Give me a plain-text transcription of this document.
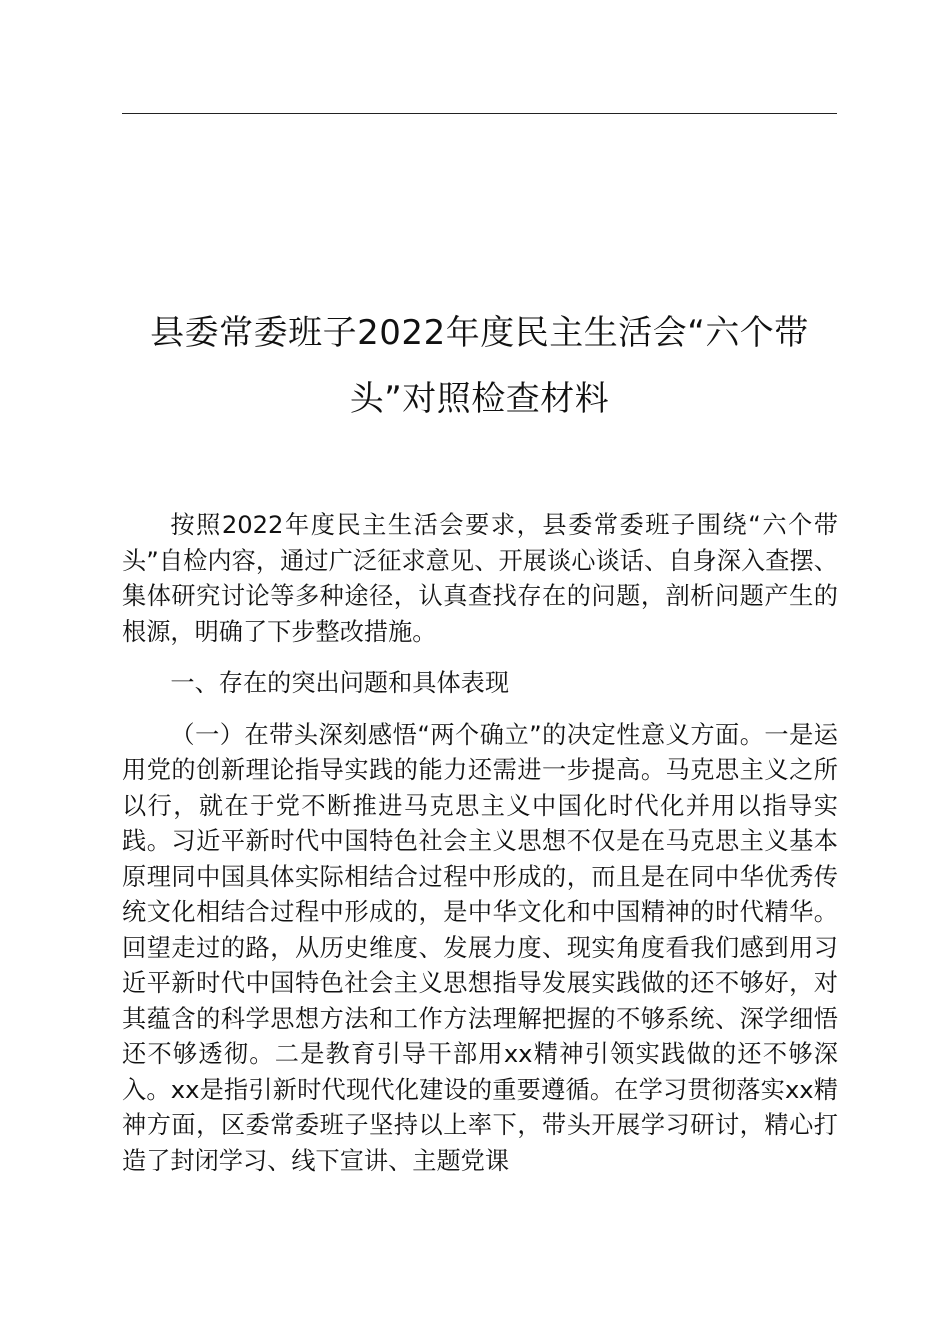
县委常委班子2022年度民主生活会“六个带
头”对照检查材料

按照2022年度民主生活会要求，县委常委班子围绕“六个带头”自检内容，通过广泛征求意见、开展谈心谈话、自身深入查摆、集体研究讨论等多种途径，认真查找存在的问题，剖析问题产生的根源，明确了下步整改措施。

一、存在的突出问题和具体表现

（一）在带头深刻感悟“两个确立”的决定性意义方面。一是运用党的创新理论指导实践的能力还需进一步提高。马克思主义之所以行，就在于党不断推进马克思主义中国化时代化并用以指导实践。习近平新时代中国特色社会主义思想不仅是在马克思主义基本原理同中国具体实际相结合过程中形成的，而且是在同中华优秀传统文化相结合过程中形成的，是中华文化和中国精神的时代精华。回望走过的路，从历史维度、发展力度、现实角度看我们感到用习近平新时代中国特色社会主义思想指导发展实践做的还不够好，对其蕴含的科学思想方法和工作方法理解把握的不够系统、深学细悟还不够透彻。二是教育引导干部用xx精神引领实践做的还不够深入。xx是指引新时代现代化建设的重要遵循。在学习贯彻落实xx精神方面，区委常委班子坚持以上率下，带头开展学习研讨，精心打造了封闭学习、线下宣讲、主题党课
